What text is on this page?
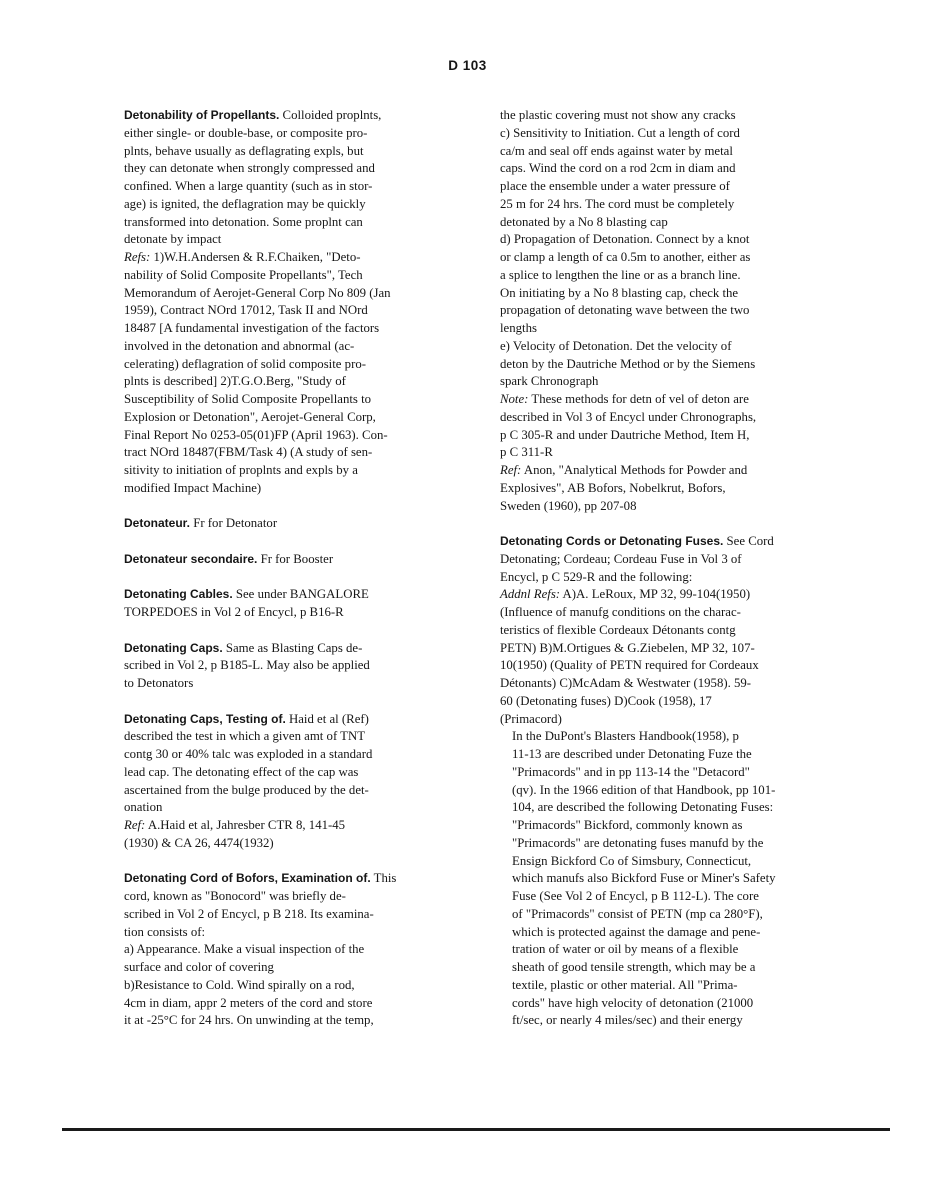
D 103

Detonability of Propellants. Colloided proplnts,
either single- or double-base, or composite pro-
plnts, behave usually as deflagrating expls, but
they can detonate when strongly compressed and
confined. When a large quantity (such as in stor-
age) is ignited, the deflagration may be quickly
transformed into detonation. Some proplnt can
detonate by impact

Refs: 1)W.H.Andersen & R.F.Chaiken, "Deto-
nability of Solid Composite Propellants", Tech
Memorandum of Aerojet-General Corp No 809 (Jan
1959), Contract NOrd 17012, Task II and NOrd
18487 [A fundamental investigation of the factors
involved in the detonation and abnormal (ac-
celerating) deflagration of solid composite pro-
plnts is described] 2)T.G.O.Berg, "Study of
Susceptibility of Solid Composite Propellants to
Explosion or Detonation", Aerojet-General Corp,
Final Report No 0253-05(01)FP (April 1963). Con-
tract NOrd 18487(FBM/Task 4) (A study of sen-
sitivity to initiation of proplnts and expls by a
modified Impact Machine)

Detonateur. Fr for Detonator

Detonateur secondaire. Fr for Booster

Detonating Cables. See under BANGALORE
TORPEDOES in Vol 2 of Encycl, p B16-R

Detonating Caps. Same as Blasting Caps de-
scribed in Vol 2, p B185-L. May also be applied
to Detonators

Detonating Caps, Testing of. Haid et al (Ref)
described the test in which a given amt of TNT
contg 30 or 40% talc was exploded in a standard
lead cap. The detonating effect of the cap was
ascertained from the bulge produced by the det-
onation

Ref: A.Haid et al, Jahresber CTR 8, 141-45
(1930) & CA 26, 4474(1932)

Detonating Cord of Bofors, Examination of. This
cord, known as "Bonocord" was briefly de-
scribed in Vol 2 of Encycl, p B 218. Its examina-
tion consists of:
a) Appearance. Make a visual inspection of the
surface and color of covering
b)Resistance to Cold. Wind spirally on a rod,
4cm in diam, appr 2 meters of the cord and store
it at -25°C for 24 hrs. On unwinding at the temp,

the plastic covering must not show any cracks
c) Sensitivity to Initiation. Cut a length of cord
ca/m and seal off ends against water by metal
caps. Wind the cord on a rod 2cm in diam and
place the ensemble under a water pressure of
25 m for 24 hrs. The cord must be completely
detonated by a No 8 blasting cap
d) Propagation of Detonation. Connect by a knot
or clamp a length of ca 0.5m to another, either as
a splice to lengthen the line or as a branch line.
On initiating by a No 8 blasting cap, check the
propagation of detonating wave between the two
lengths
e) Velocity of Detonation. Det the velocity of
deton by the Dautriche Method or by the Siemens
spark Chronograph

Note: These methods for detn of vel of deton are
described in Vol 3 of Encycl under Chronographs,
p C 305-R and under Dautriche Method, Item H,
p C 311-R

Ref: Anon, "Analytical Methods for Powder and
Explosives", AB Bofors, Nobelkrut, Bofors,
Sweden (1960), pp 207-08

Detonating Cords or Detonating Fuses. See Cord
Detonating; Cordeau; Cordeau Fuse in Vol 3 of
Encycl, p C 529-R and the following:

Addnl Refs: A)A. LeRoux, MP 32, 99-104(1950)
(Influence of manufg conditions on the charac-
teristics of flexible Cordeaux Détonants contg
PETN) B)M.Ortigues & G.Ziebelen, MP 32, 107-
10(1950) (Quality of PETN required for Cordeaux
Détonants) C)McAdam & Westwater (1958). 59-
60 (Detonating fuses) D)Cook (1958), 17
(Primacord)

In the DuPont's Blasters Handbook(1958), p
11-13 are described under Detonating Fuze the
"Primacords" and in pp 113-14 the "Detacord"
(qv). In the 1966 edition of that Handbook, pp 101-
104, are described the following Detonating Fuses:
"Primacords" Bickford, commonly known as
"Primacords" are detonating fuses manufd by the
Ensign Bickford Co of Simsbury, Connecticut,
which manufs also Bickford Fuse or Miner's Safety
Fuse (See Vol 2 of Encycl, p B 112-L). The core
of "Primacords" consist of PETN (mp ca 280°F),
which is protected against the damage and pene-
tration of water or oil by means of a flexible
sheath of good tensile strength, which may be a
textile, plastic or other material. All "Prima-
cords" have high velocity of detonation (21000
ft/sec, or nearly 4 miles/sec) and their energy
